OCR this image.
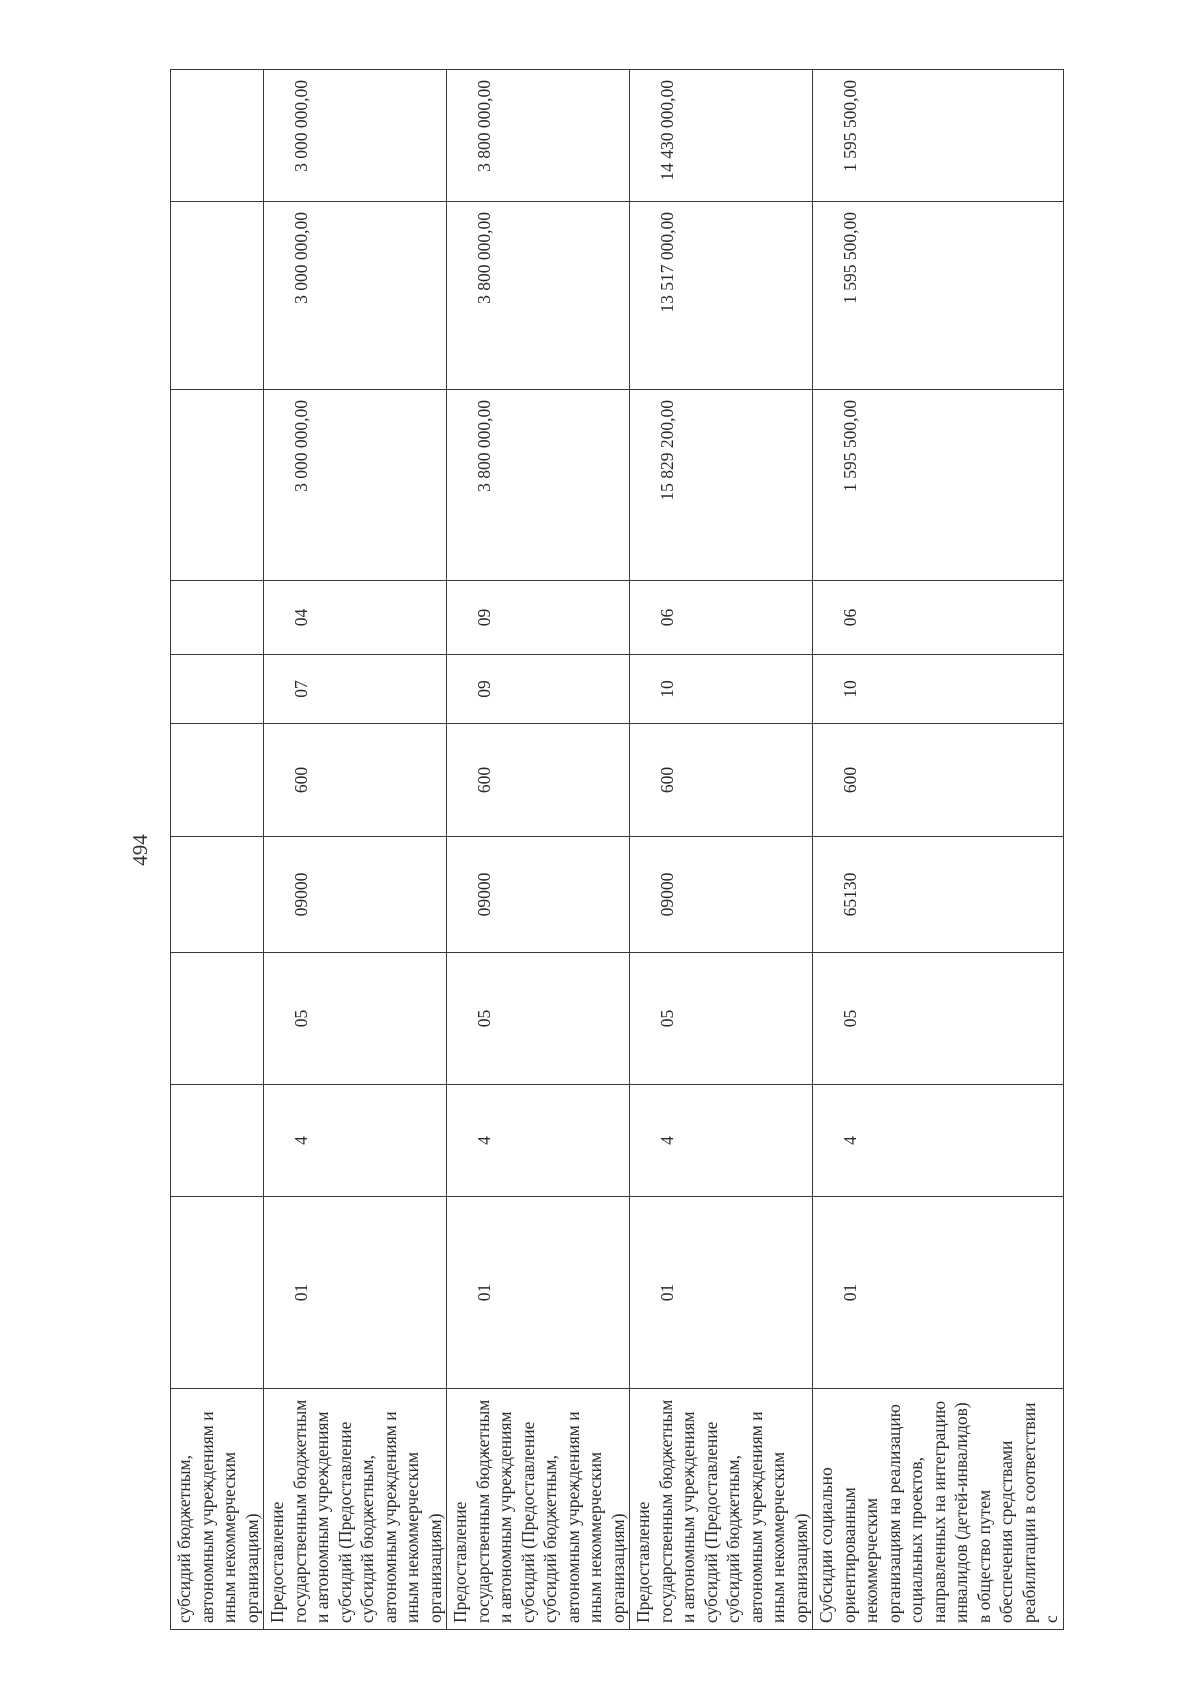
494
субсидий бюджетным, автономным учреждениям и иным некоммерческим организациям)										
Предоставление государственным бюджетным и автономным учреждениям субсидий (Предоставление субсидий бюджетным, автономным учреждениям и иным некоммерческим организациям)	01	4	05	09000	600	07	04	3 000 000,00	3 000 000,00	3 000 000,00
Предоставление государственным бюджетным и автономным учреждениям субсидий (Предоставление субсидий бюджетным, автономным учреждениям и иным некоммерческим организациям)	01	4	05	09000	600	09	09	3 800 000,00	3 800 000,00	3 800 000,00
Предоставление государственным бюджетным и автономным учреждениям субсидий (Предоставление субсидий бюджетным, автономным учреждениям и иным некоммерческим организациям)	01	4	05	09000	600	10	06	15 829 200,00	13 517 000,00	14 430 000,00
Субсидии социально ориентированным некоммерческим организациям на реализацию социальных проектов, направленных на интеграцию инвалидов (детей-инвалидов) в общество путем обеспечения средствами реабилитации в соответствии с	01	4	05	65130	600	10	06	1 595 500,00	1 595 500,00	1 595 500,00
